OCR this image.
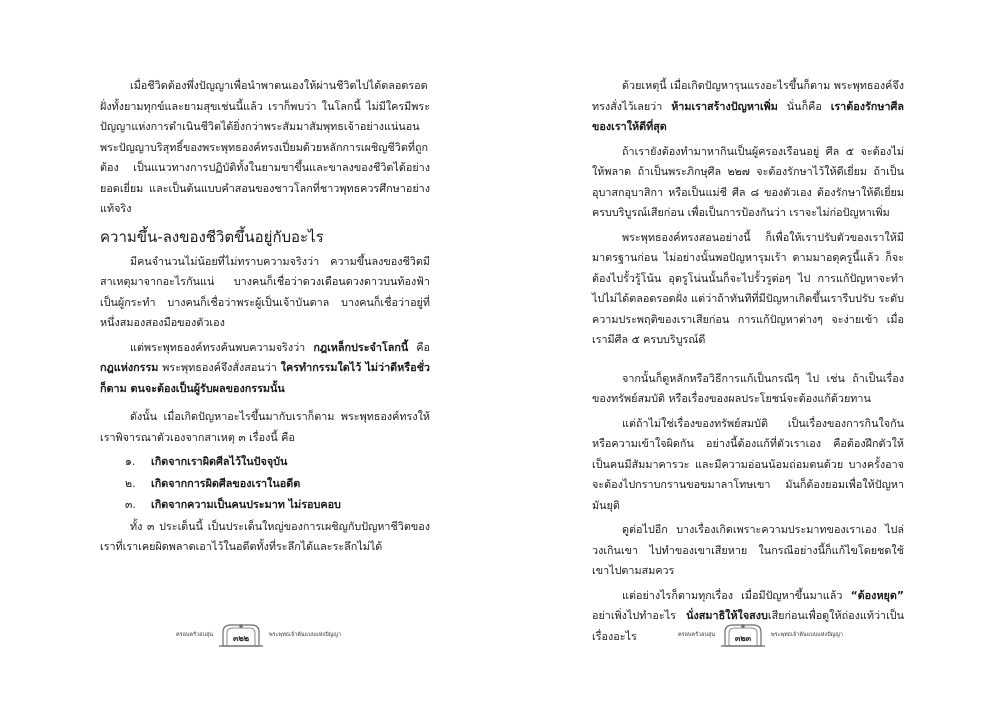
เมื่อชีวิตต้องพึ่งปัญญาเพื่อนำพาตนเองให้ผ่านชีวิตไปได้ตลอดรอดฝั่งทั้งยามทุกข์และยามสุขเช่นนี้แล้ว เราก็พบว่า ในโลกนี้ ไม่มีใครมีพระปัญญาแห่งการดำเนินชีวิตได้ยิ่งกว่าพระสัมมาสัมพุทธเจ้าอย่างแน่นอน พระปัญญาบริสุทธิ์ของพระพุทธองค์ทรงเปี่ยมด้วยหลักการเผชิญชีวิตที่ถูกต้อง เป็นแนวทางการปฏิบัติทั้งในยามขาขึ้นและขาลงของชีวิตได้อย่างยอดเยี่ยม และเป็นต้นแบบคำสอนของชาวโลกที่ชาวพุทธควรศึกษาอย่างแท้จริง

ความขึ้น-ลงของชีวิตขึ้นอยู่กับอะไร

มีคนจำนวนไม่น้อยที่ไม่ทราบความจริงว่า ความขึ้นลงของชีวิตมีสาเหตุมาจากอะไรกันแน่ บางคนก็เชื่อว่าดวงเดือนดวงดาวบนท้องฟ้าเป็นผู้กระทำ บางคนก็เชื่อว่าพระผู้เป็นเจ้าบันดาล บางคนก็เชื่อว่าอยู่ที่หนึ่งสมองสองมือของตัวเอง

แต่พระพุทธองค์ทรงค้นพบความจริงว่า กฎเหล็กประจำโลกนี้ คือ กฎแห่งกรรม พระพุทธองค์จึงสั่งสอนว่า ใครทำกรรมใดไว้ ไม่ว่าดีหรือชั่วก็ตาม ตนจะต้องเป็นผู้รับผลของกรรมนั้น

ดังนั้น เมื่อเกิดปัญหาอะไรขึ้นมากับเราก็ตาม พระพุทธองค์ทรงให้เราพิจารณาตัวเองจากสาเหตุ ๓ เรื่องนี้ คือ

๑.	เกิดจากเราผิดศีลไว้ในปัจจุบัน
๒.	เกิดจากการผิดศีลของเราในอดีต
๓.	เกิดจากความเป็นคนประมาท ไม่รอบคอบ

ทั้ง ๓ ประเด็นนี้ เป็นประเด็นใหญ่ของการเผชิญกับปัญหาชีวิตของเราที่เราเคยผิดพลาดเอาไว้ในอดีตทั้งที่ระลึกได้และระลึกไม่ได้

ครอบครัวอบอุ่น	๓๒๒	พระพุทธเจ้าต้นแบบแห่งปัญญา

ด้วยเหตุนี้ เมื่อเกิดปัญหารุนแรงอะไรขึ้นก็ตาม พระพุทธองค์จึงทรงสั่งไว้เลยว่า ห้ามเราสร้างปัญหาเพิ่ม นั่นก็คือ เราต้องรักษาศีลของเราให้ดีที่สุด

ถ้าเรายังต้องทำมาหากินเป็นผู้ครองเรือนอยู่ ศีล ๕ จะต้องไม่ให้พลาด ถ้าเป็นพระภิกษุศีล ๒๒๗ จะต้องรักษาไว้ให้ดีเยี่ยม ถ้าเป็นอุบาสกอุบาสิกา หรือเป็นแม่ชี ศีล ๘ ของตัวเอง ต้องรักษาให้ดีเยี่ยมครบบริบูรณ์เสียก่อน เพื่อเป็นการป้องกันว่า เราจะไม่ก่อปัญหาเพิ่ม

พระพุทธองค์ทรงสอนอย่างนี้ ก็เพื่อให้เราปรับตัวของเราให้มีมาตรฐานก่อน ไม่อย่างนั้นพอปัญหารุมเร้า ตามมาอตุครูนี้แล้ว ก็จะต้องไปรั้วรู้โน้น อุตรูโน่นนั้นก็จะไปรั้วรูต่อๆ ไป การแก้ปัญหาจะทำไปไม่ได้ตลอดรอดฝั่ง แต่ว่าถ้าทันทีที่มีปัญหาเกิดขึ้นเรารีบปรับ ระดับความประพฤติของเราเสียก่อน การแก้ปัญหาต่างๆ จะง่ายเข้า เมื่อเรามีศีล ๕ ครบบริบูรณ์ดี

จากนั้นก็ดูหลักหรือวิธีการแก้เป็นกรณีๆ ไป เช่น ถ้าเป็นเรื่องของทรัพย์สมบัติ หรือเรื่องของผลประโยชน์จะต้องแก้ด้วยทาน

แต่ถ้าไม่ใช่เรื่องของทรัพย์สมบัติ เป็นเรื่องของการกินใจกัน หรือความเข้าใจผิดกัน อย่างนี้ต้องแก้ที่ตัวเราเอง คือต้องฝึกตัวให้เป็นคนมีสัมมาคารวะ และมีความอ่อนน้อมถ่อมตนด้วย บางครั้งอาจจะต้องไปกราบกรานขอขมาลาโทษเขา มันก็ต้องยอมเพื่อให้ปัญหามันยุติ

ดูต่อไปอีก บางเรื่องเกิดเพราะความประมาทของเราเอง ไปล่วงเกินเขา ไปทำของเขาเสียหาย ในกรณีอย่างนี้ก็แก้ไขโดยชดใช้เขาไปตามสมควร

แต่อย่างไรก็ตามทุกเรื่อง เมื่อมีปัญหาขึ้นมาแล้ว “ต้องหยุด” อย่าเพิ่งไปทำอะไร นั่งสมาธิให้ใจสงบเสียก่อนเพื่อดูให้ถ่องแท้ว่าเป็นเรื่องอะไร	ครอบครัวอบอุ่น	๓๒๓	พระพุทธเจ้าต้นแบบแห่งปัญญา
